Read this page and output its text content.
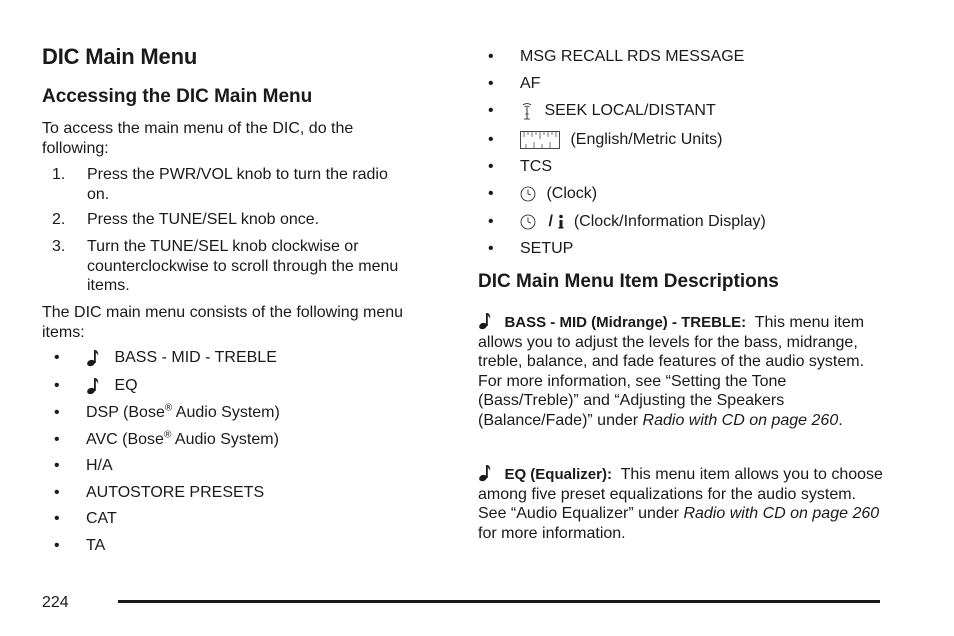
DIC Main Menu
Accessing the DIC Main Menu

To access the main menu of the DIC, do the following:

1. Press the PWR/VOL knob to turn the radio on.
2. Press the TUNE/SEL knob once.
3. Turn the TUNE/SEL knob clockwise or counterclockwise to scroll through the menu items.

The DIC main menu consists of the following menu items:

•	BASS - MID - TREBLE
•	EQ
• DSP (Bose® Audio System)
• AVC (Bose® Audio System)
• H/A
• AUTOSTORE PRESETS
• CAT
• TA
• MSG RECALL RDS MESSAGE
• AF
•	SEEK LOCAL/DISTANT
•	(English/Metric Units)
• TCS
•	(Clock)
•	/ (Clock/Information Display)
• SETUP
DIC Main Menu Item Descriptions
BASS - MID (Midrange) - TREBLE: This menu item allows you to adjust the levels for the bass, midrange, treble, balance, and fade features of the audio system. For more information, see “Setting the Tone (Bass/Treble)” and “Adjusting the Speakers (Balance/Fade)” under Radio with CD on page 260.
EQ (Equalizer): This menu item allows you to choose among five preset equalizations for the audio system. See “Audio Equalizer” under Radio with CD on page 260 for more information.
224
